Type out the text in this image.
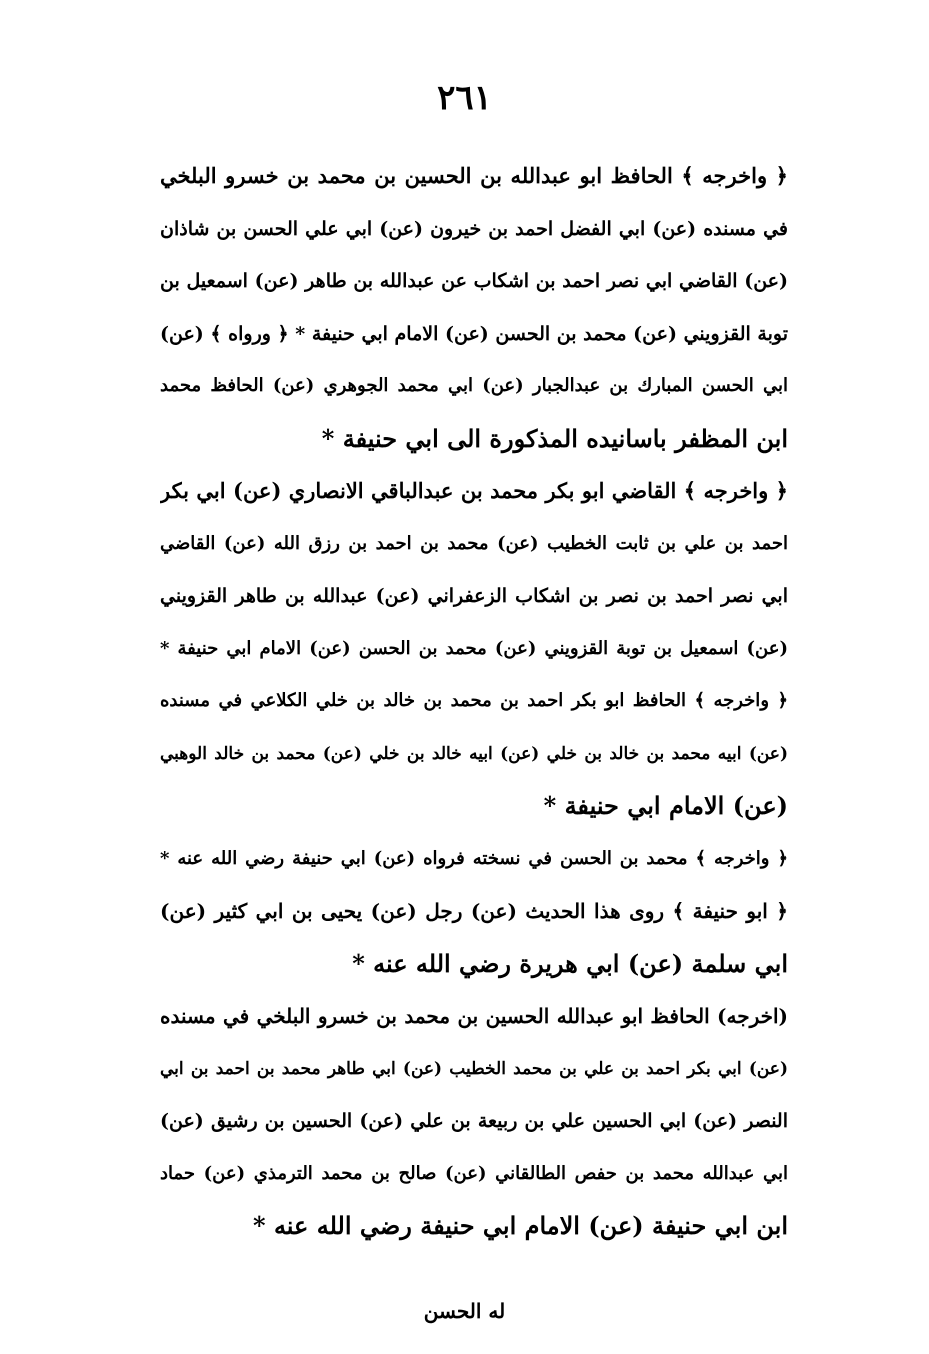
٢٦١
﴿ واخرجه ﴾ الحافظ ابو عبدالله بن الحسين بن محمد بن خسرو البلخي
في مسنده (عن) ابي الفضل احمد بن خيرون (عن) ابي علي الحسن بن شاذان
(عن) القاضي ابي نصر احمد بن اشكاب عن عبدالله بن طاهر (عن) اسمعيل بن
توبة القزويني (عن) محمد بن الحسن (عن) الامام ابي حنيفة * ﴿ ورواه ﴾ (عن)
ابي الحسن المبارك بن عبدالجبار (عن) ابي محمد الجوهري (عن) الحافظ محمد
ابن المظفر باسانيده المذكورة الى ابي حنيفة *
﴿ واخرجه ﴾ القاضي ابو بكر محمد بن عبدالباقي الانصاري (عن) ابي بكر
احمد بن علي بن ثابت الخطيب (عن) محمد بن احمد بن رزق الله (عن) القاضي
ابي نصر احمد بن نصر بن اشكاب الزعفراني (عن) عبدالله بن طاهر القزويني
(عن) اسمعيل بن توبة القزويني (عن) محمد بن الحسن (عن) الامام ابي حنيفة *
﴿ واخرجه ﴾ الحافظ ابو بكر احمد بن محمد بن خالد بن خلي الكلاعي في مسنده
(عن) ابيه محمد بن خالد بن خلي (عن) ابيه خالد بن خلي (عن) محمد بن خالد الوهبي
(عن) الامام ابي حنيفة *
﴿ واخرجه ﴾ محمد بن الحسن في نسخته فرواه (عن) ابي حنيفة رضي الله عنه *
﴿ ابو حنيفة ﴾ روى هذا الحديث (عن) رجل (عن) يحيى بن ابي كثير (عن)
ابي سلمة (عن) ابي هريرة رضي الله عنه *
(اخرجه) الحافظ ابو عبدالله الحسين بن محمد بن خسرو البلخي في مسنده
(عن) ابي بكر احمد بن علي بن محمد الخطيب (عن) ابي طاهر محمد بن احمد بن ابي
النصر (عن) ابي الحسين علي بن ربيعة بن علي (عن) الحسين بن رشيق (عن)
ابي عبدالله محمد بن حفص الطالقاني (عن) صالح بن محمد الترمذي (عن) حماد
ابن ابي حنيفة (عن) الامام ابي حنيفة رضي الله عنه *
له الحسن
